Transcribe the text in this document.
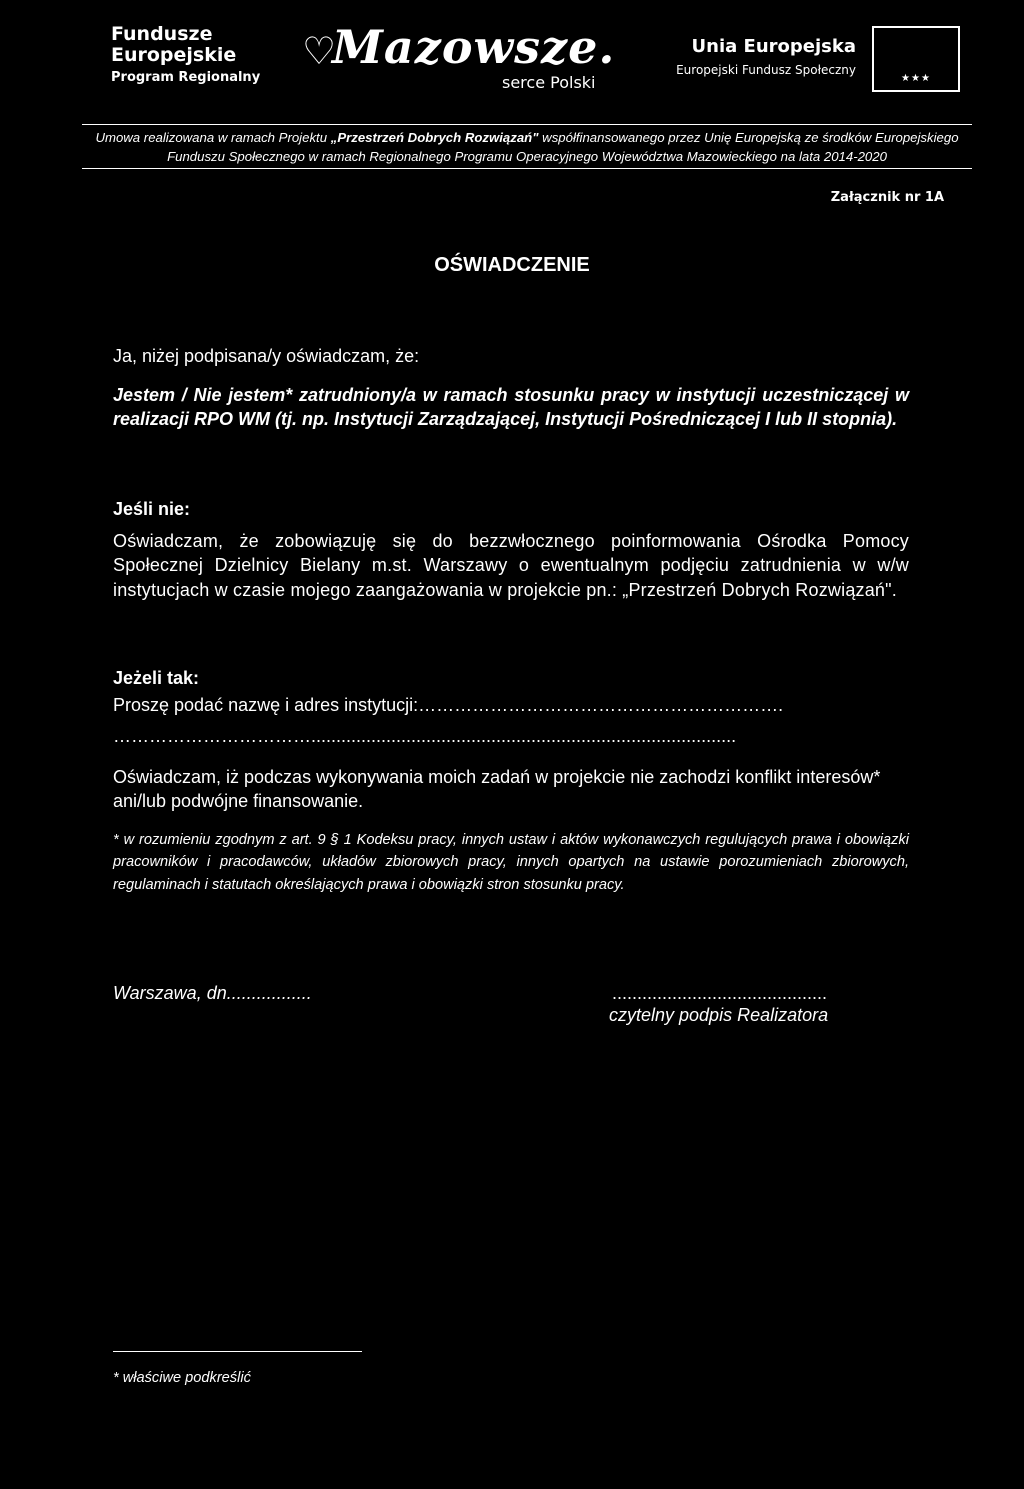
Fundusze
Europejskie
Program Regionalny
♡
Mazowsze.
serce Polski
Unia Europejska
Europejski Fundusz Społeczny
★★★
Umowa realizowana w ramach Projektu „Przestrzeń Dobrych Rozwiązań" współfinansowanego przez Unię Europejską ze środków Europejskiego Funduszu Społecznego w ramach Regionalnego Programu Operacyjnego Województwa Mazowieckiego na lata 2014-2020
Załącznik nr 1A
OŚWIADCZENIE
Ja, niżej podpisana/y oświadczam, że:
Jestem / Nie jestem* zatrudniony/a w ramach stosunku pracy w instytucji uczestniczącej w realizacji RPO WM (tj. np. Instytucji Zarządzającej, Instytucji Pośredniczącej I lub II stopnia).
Jeśli nie:
Oświadczam, że zobowiązuję się do bezzwłocznego poinformowania Ośrodka Pomocy Społecznej Dzielnicy Bielany m.st. Warszawy o ewentualnym podjęciu zatrudnienia w w/w instytucjach w czasie mojego zaangażowania w projekcie pn.: „Przestrzeń Dobrych Rozwiązań".
Jeżeli tak:
Proszę podać nazwę i adres instytucji:…………………………………………………….
…………………………….....................................................................................
Oświadczam, iż podczas wykonywania moich zadań w projekcie nie zachodzi konflikt interesów* ani/lub podwójne finansowanie.
* w rozumieniu zgodnym z art. 9 § 1 Kodeksu pracy, innych ustaw i aktów wykonawczych regulujących prawa i obowiązki pracowników i pracodawców, układów zbiorowych pracy, innych opartych na ustawie porozumieniach zbiorowych, regulaminach i statutach określających prawa i obowiązki stron stosunku pracy.
Warszawa, dn.................	...........................................
czytelny podpis Realizatora
* właściwe podkreślić
